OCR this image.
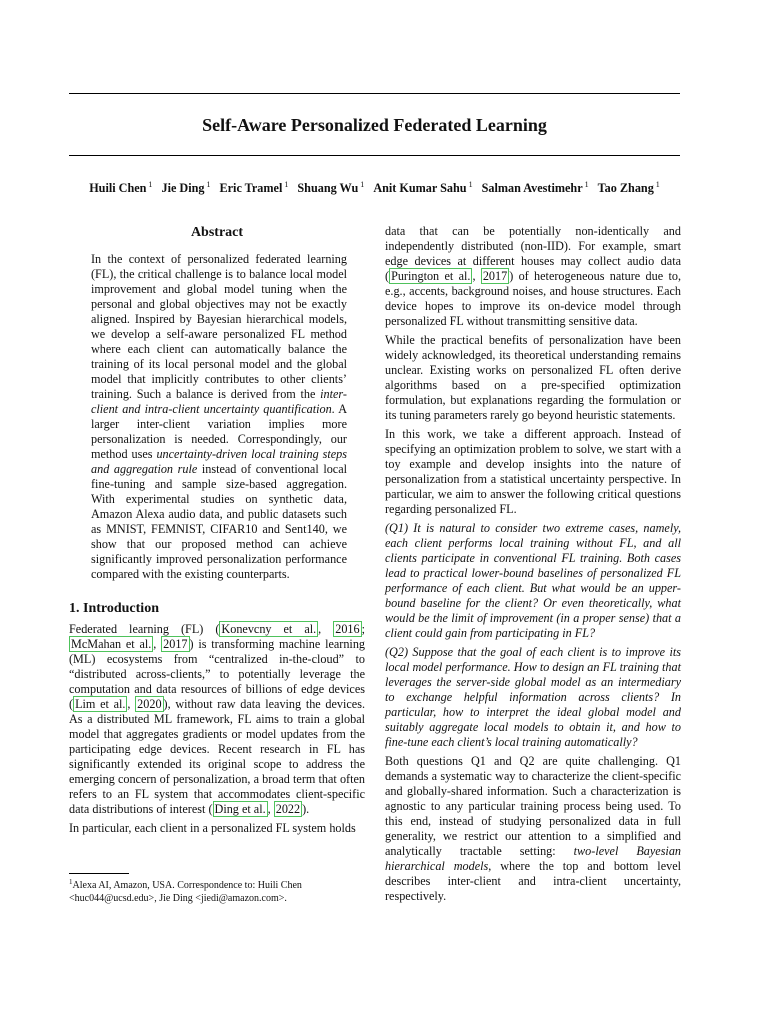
Self-Aware Personalized Federated Learning
Huili Chen $^1$ Jie Ding $^1$ Eric Tramel $^1$ Shuang Wu $^1$ Anit Kumar Sahu $^1$ Salman Avestimehr $^1$ Tao Zhang $^1$
Abstract
In the context of personalized federated learning (FL), the critical challenge is to balance local model improvement and global model tuning when the personal and global objectives may not be exactly aligned. Inspired by Bayesian hierarchical models, we develop a self-aware personalized FL method where each client can automatically balance the training of its local personal model and the global model that implicitly contributes to other clients’ training. Such a balance is derived from the inter-client and intra-client uncertainty quantification. A larger inter-client variation implies more personalization is needed. Correspondingly, our method uses uncertainty-driven local training steps and aggregation rule instead of conventional local fine-tuning and sample size-based aggregation. With experimental studies on synthetic data, Amazon Alexa audio data, and public datasets such as MNIST, FEMNIST, CIFAR10 and Sent140, we show that our proposed method can achieve significantly improved personalization performance compared with the existing counterparts.
1. Introduction

Federated learning (FL) ( Konevcny et al. , 2016 ; McMahan et al. , 2017 ) is transforming machine learning (ML) ecosystems from “centralized in-the-cloud” to “distributed across-clients,” to potentially leverage the computation and data resources of billions of edge devices ( Lim et al. , 2020 ), without raw data leaving the devices. As a distributed ML framework, FL aims to train a global model that aggregates gradients or model updates from the participating edge devices. Recent research in FL has significantly extended its original scope to address the emerging concern of personalization, a broad term that often refers to an FL system that accommodates client-specific data distributions of interest ( Ding et al. , 2022 ).

In particular, each client in a personalized FL system holds

$^1$Alexa AI, Amazon, USA. Correspondence to: Huili Chen <huc044@ucsd.edu>, Jie Ding <jiedi@amazon.com>.

data that can be potentially non-identically and independently distributed (non-IID). For example, smart edge devices at different houses may collect audio data ( Purington et al. , 2017 ) of heterogeneous nature due to, e.g., accents, background noises, and house structures. Each device hopes to improve its on-device model through personalized FL without transmitting sensitive data.

While the practical benefits of personalization have been widely acknowledged, its theoretical understanding remains unclear. Existing works on personalized FL often derive algorithms based on a pre-specified optimization formulation, but explanations regarding the formulation or its tuning parameters rarely go beyond heuristic statements.

In this work, we take a different approach. Instead of specifying an optimization problem to solve, we start with a toy example and develop insights into the nature of personalization from a statistical uncertainty perspective. In particular, we aim to answer the following critical questions regarding personalized FL.

(Q1) It is natural to consider two extreme cases, namely, each client performs local training without FL, and all clients participate in conventional FL training. Both cases lead to practical lower-bound baselines of personalized FL performance of each client. But what would be an upper-bound baseline for the client? Or even theoretically, what would be the limit of improvement (in a proper sense) that a client could gain from participating in FL?

(Q2) Suppose that the goal of each client is to improve its local model performance. How to design an FL training that leverages the server-side global model as an intermediary to exchange helpful information across clients? In particular, how to interpret the ideal global model and suitably aggregate local models to obtain it, and how to fine-tune each client’s local training automatically?

Both questions Q1 and Q2 are quite challenging. Q1 demands a systematic way to characterize the client-specific and globally-shared information. Such a characterization is agnostic to any particular training process being used. To this end, instead of studying personalized data in full generality, we restrict our attention to a simplified and analytically tractable setting: two-level Bayesian hierarchical models, where the top and bottom level describes inter-client and intra-client uncertainty, respectively.
